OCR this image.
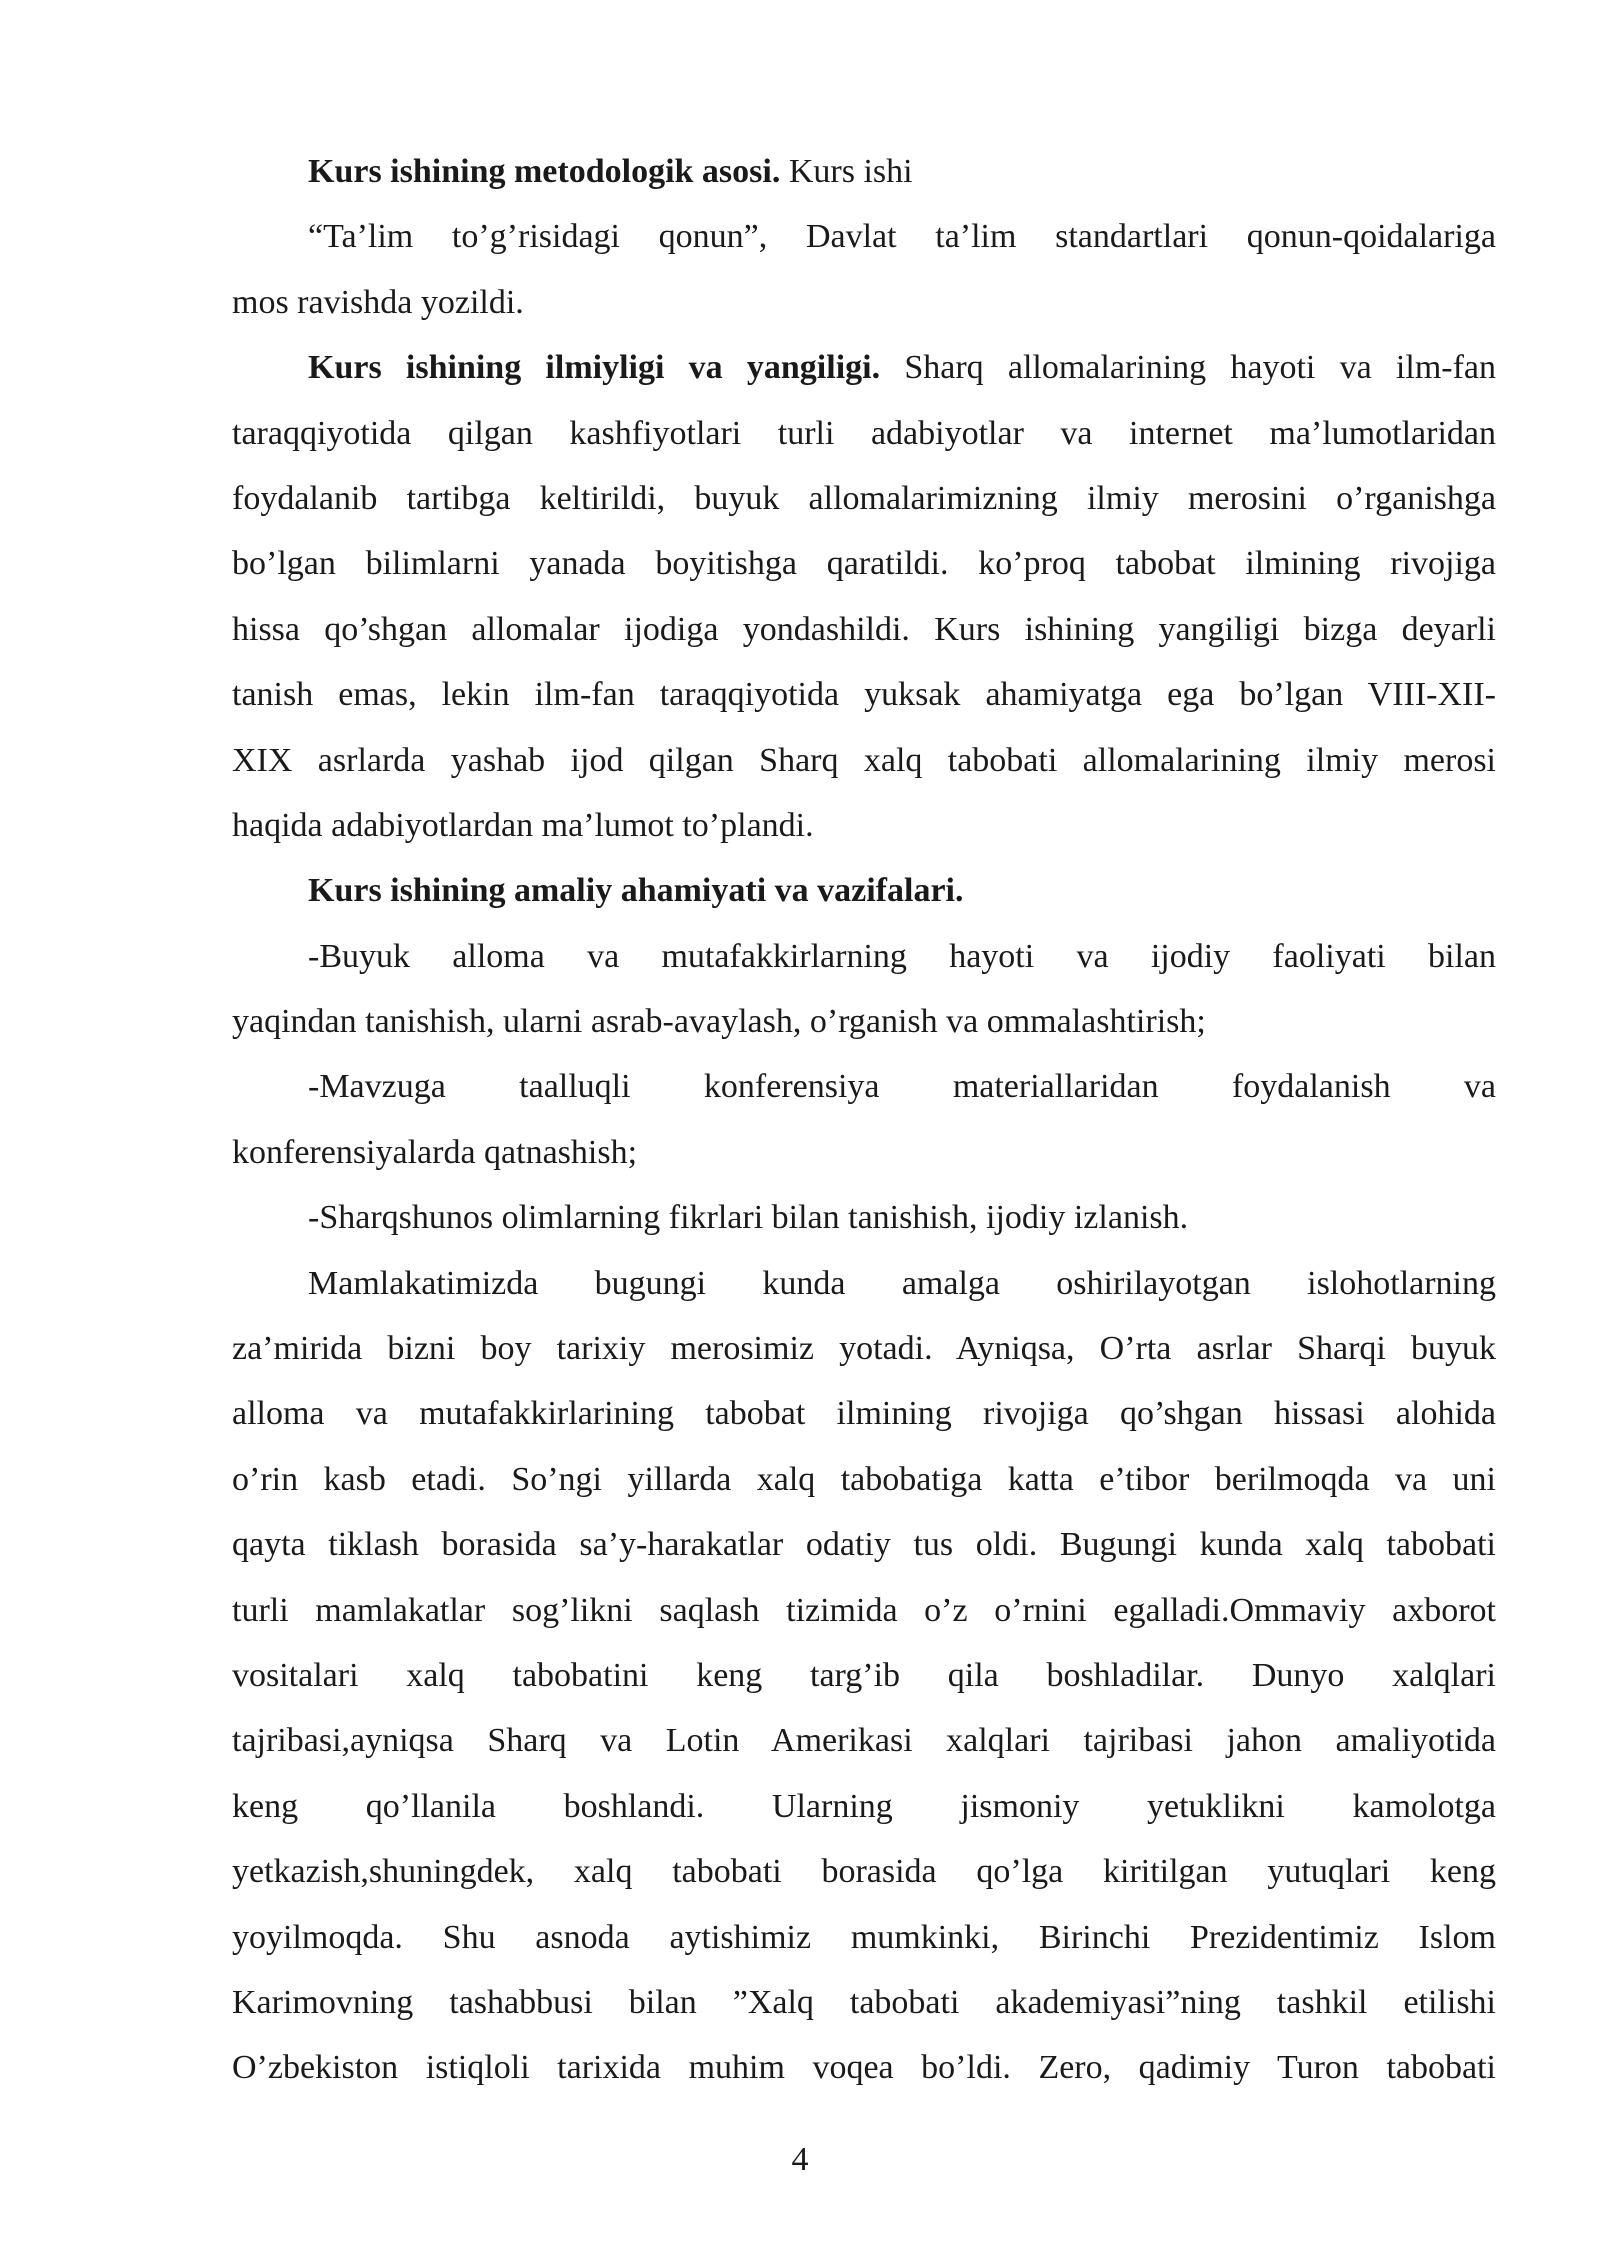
Kurs ishining metodologik asosi. Kurs ishi
“Ta’lim to’g’risidagi qonun”, Davlat ta’lim standartlari qonun-qoidalariga
mos ravishda yozildi.
Kurs ishining ilmiyligi va yangiligi. Sharq allomalarining hayoti va ilm-fan
taraqqiyotida qilgan kashfiyotlari turli adabiyotlar va internet ma’lumotlaridan
foydalanib tartibga keltirildi, buyuk allomalarimizning ilmiy merosini o’rganishga
bo’lgan bilimlarni yanada boyitishga qaratildi. ko’proq tabobat ilmining rivojiga
hissa qo’shgan allomalar ijodiga yondashildi. Kurs ishining yangiligi bizga deyarli
tanish emas, lekin ilm-fan taraqqiyotida yuksak ahamiyatga ega bo’lgan VIII-XII-
XIX asrlarda yashab ijod qilgan Sharq xalq tabobati allomalarining ilmiy merosi
haqida adabiyotlardan ma’lumot to’plandi.
Kurs ishining amaliy ahamiyati va vazifalari.
-Buyuk alloma va mutafakkirlarning hayoti va ijodiy faoliyati bilan
yaqindan tanishish, ularni asrab-avaylash, o’rganish va ommalashtirish;
-Mavzuga taalluqli konferensiya materiallaridan foydalanish va
konferensiyalarda qatnashish;
-Sharqshunos olimlarning fikrlari bilan tanishish, ijodiy izlanish.
Mamlakatimizda bugungi kunda amalga oshirilayotgan islohotlarning
za’mirida bizni boy tarixiy merosimiz yotadi. Ayniqsa, O’rta asrlar Sharqi buyuk
alloma va mutafakkirlarining tabobat ilmining rivojiga qo’shgan hissasi alohida
o’rin kasb etadi. So’ngi yillarda xalq tabobatiga katta e’tibor berilmoqda va uni
qayta tiklash borasida sa’y-harakatlar odatiy tus oldi. Bugungi kunda xalq tabobati
turli mamlakatlar sog’likni saqlash tizimida o’z o’rnini egalladi.Ommaviy axborot
vositalari xalq tabobatini keng targ’ib qila boshladilar. Dunyo xalqlari
tajribasi,ayniqsa Sharq va Lotin Amerikasi xalqlari tajribasi jahon amaliyotida
keng qo’llanila boshlandi. Ularning jismoniy yetuklikni kamolotga
yetkazish,shuningdek, xalq tabobati borasida qo’lga kiritilgan yutuqlari keng
yoyilmoqda. Shu asnoda aytishimiz mumkinki, Birinchi Prezidentimiz Islom
Karimovning tashabbusi bilan ”Xalq tabobati akademiyasi”ning tashkil etilishi
O’zbekiston istiqloli tarixida muhim voqea bo’ldi. Zero, qadimiy Turon tabobati
4
